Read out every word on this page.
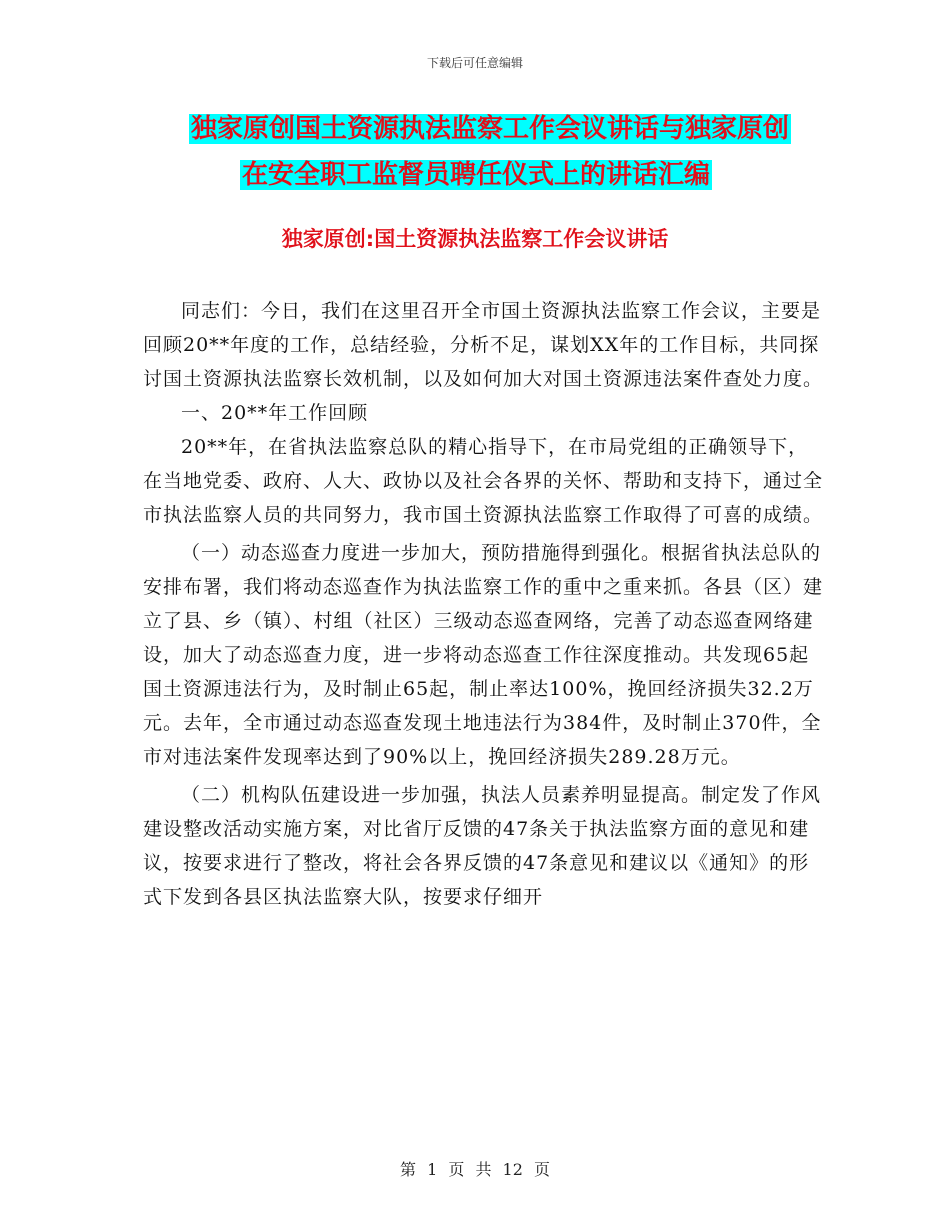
下载后可任意编辑
独家原创国土资源执法监察工作会议讲话与独家原创
在安全职工监督员聘任仪式上的讲话汇编
独家原创:国土资源执法监察工作会议讲话

同志们：今日，我们在这里召开全市国土资源执法监察工作会议，主要是回顾20**年度的工作，总结经验，分析不足，谋划XX年的工作目标，共同探讨国土资源执法监察长效机制，以及如何加大对国土资源违法案件查处力度。

一、20**年工作回顾

20**年，在省执法监察总队的精心指导下，在市局党组的正确领导下，在当地党委、政府、人大、政协以及社会各界的关怀、帮助和支持下，通过全市执法监察人员的共同努力，我市国土资源执法监察工作取得了可喜的成绩。

（一）动态巡查力度进一步加大，预防措施得到强化。根据省执法总队的安排布署，我们将动态巡查作为执法监察工作的重中之重来抓。各县（区）建立了县、乡（镇）、村组（社区）三级动态巡查网络，完善了动态巡查网络建设，加大了动态巡查力度，进一步将动态巡查工作往深度推动。共发现65起国土资源违法行为，及时制止65起，制止率达100%，挽回经济损失32.2万元。去年，全市通过动态巡查发现土地违法行为384件，及时制止370件，全市对违法案件发现率达到了90%以上，挽回经济损失289.28万元。

（二）机构队伍建设进一步加强，执法人员素养明显提高。制定发了作风建设整改活动实施方案，对比省厅反馈的47条关于执法监察方面的意见和建议，按要求进行了整改，将社会各界反馈的47条意见和建议以《通知》的形式下发到各县区执法监察大队，按要求仔细开

第 1 页 共 12 页
